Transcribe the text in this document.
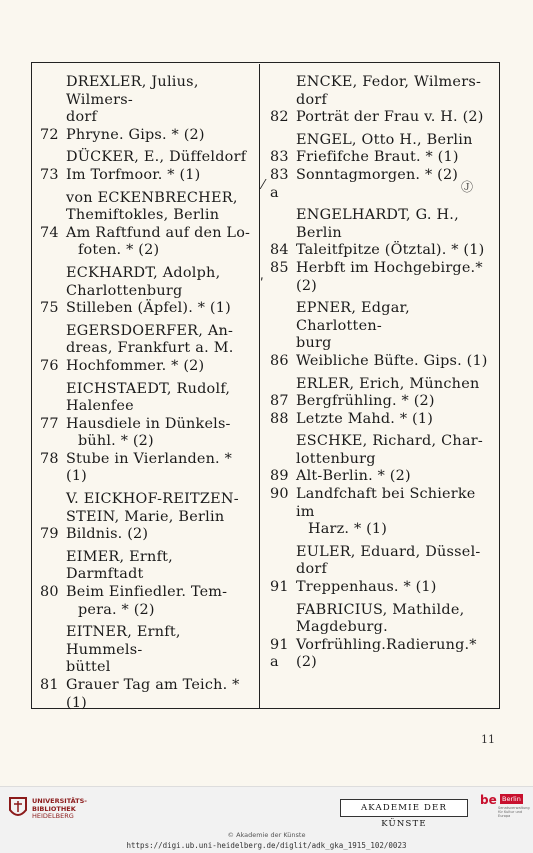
DREXLER, Julius, Wilmers-
dorf
72 Phryne. Gips. * (2)
DÜCKER, E., Düffeldorf
73 Im Torfmoor. * (1)
von ECKENBRECHER,
Themiftokles, Berlin
74 Am Raftfund auf den Lo-
foten. * (2)
ECKHARDT, Adolph,
Charlottenburg
75 Stilleben (Äpfel). * (1)
EGERSDOERFER, An-
dreas, Frankfurt a. M.
76 Hochfommer. * (2)
EICHSTAEDT, Rudolf,
Halenfee
77 Hausdiele in Dünkels-
bühl. * (2)
78 Stube in Vierlanden. * (1)
V. EICKHOF-REITZEN-
STEIN, Marie, Berlin
79 Bildnis. (2)
EIMER, Ernft, Darmftadt
80 Beim Einfiedler. Tem-
pera. * (2)
EITNER, Ernft, Hummels-
büttel
81 Grauer Tag am Teich. * (1)
ENCKE, Fedor, Wilmers-
dorf
82 Porträt der Frau v. H. (2)
ENGEL, Otto H., Berlin
83 Friefifche Braut. * (1)
83 a
Sonntagmorgen. * (2)
ENGELHARDT, G. H.,
Berlin
84 Taleitfpitze (Ötztal). * (1)
85 Herbft im Hochgebirge.*(2)
EPNER, Edgar, Charlotten-
burg
86 Weibliche Büfte. Gips. (1)
ERLER, Erich, München
87 Bergfrühling. * (2)
88 Letzte Mahd. * (1)
ESCHKE, Richard, Char-
lottenburg
89 Alt-Berlin. * (2)
90 Landfchaft bei Schierke im
Harz. * (1)
EULER, Eduard, Düssel-
dorf
91 Treppenhaus. * (1)
FABRICIUS, Mathilde,
Magdeburg.
91 a
Vorfrühling.Radierung.*(2)
⁄	Ⓙ
ʹ
11
UNIVERSITÄTS-
BIBLIOTHEK
HEIDELBERG
AKADEMIE DER KÜNSTE
be Berlin
Senatsverwaltung für Kultur und Europa
© Akademie der Künste
https://digi.ub.uni-heidelberg.de/diglit/adk_gka_1915_102/0023
